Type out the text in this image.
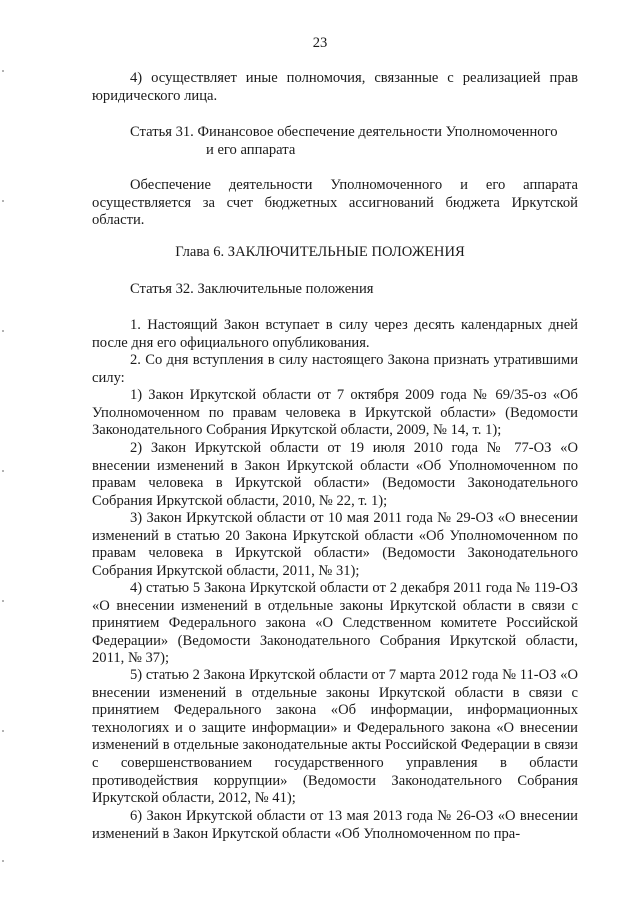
23

4) осуществляет иные полномочия, связанные с реализацией прав юридического лица.

Статья 31. Финансовое обеспечение деятельности Уполномоченного
и его аппарата

Обеспечение деятельности Уполномоченного и его аппарата осуществляется за счет бюджетных ассигнований бюджета Иркутской области.

Глава 6. ЗАКЛЮЧИТЕЛЬНЫЕ ПОЛОЖЕНИЯ

Статья 32. Заключительные положения

1. Настоящий Закон вступает в силу через десять календарных дней после дня его официального опубликования.

2. Со дня вступления в силу настоящего Закона признать утратившими силу:

1) Закон Иркутской области от 7 октября 2009 года № 69/35-оз «Об Уполномоченном по правам человека в Иркутской области» (Ведомости Законодательного Собрания Иркутской области, 2009, № 14, т. 1);

2) Закон Иркутской области от 19 июля 2010 года № 77-ОЗ «О внесении изменений в Закон Иркутской области «Об Уполномоченном по правам человека в Иркутской области» (Ведомости Законодательного Собрания Иркутской области, 2010, № 22, т. 1);

3) Закон Иркутской области от 10 мая 2011 года № 29-ОЗ «О внесении изменений в статью 20 Закона Иркутской области «Об Уполномоченном по правам человека в Иркутской области» (Ведомости Законодательного Собрания Иркутской области, 2011, № 31);

4) статью 5 Закона Иркутской области от 2 декабря 2011 года № 119-ОЗ «О внесении изменений в отдельные законы Иркутской области в связи с принятием Федерального закона «О Следственном комитете Российской Федерации» (Ведомости Законодательного Собрания Иркутской области, 2011, № 37);

5) статью 2 Закона Иркутской области от 7 марта 2012 года № 11-ОЗ «О внесении изменений в отдельные законы Иркутской области в связи с принятием Федерального закона «Об информации, информационных технологиях и о защите информации» и Федерального закона «О внесении изменений в отдельные законодательные акты Российской Федерации в связи с совершенствованием государственного управления в области противодействия коррупции» (Ведомости Законодательного Собрания Иркутской области, 2012, № 41);

6) Закон Иркутской области от 13 мая 2013 года № 26-ОЗ «О внесении изменений в Закон Иркутской области «Об Уполномоченном по пра-
